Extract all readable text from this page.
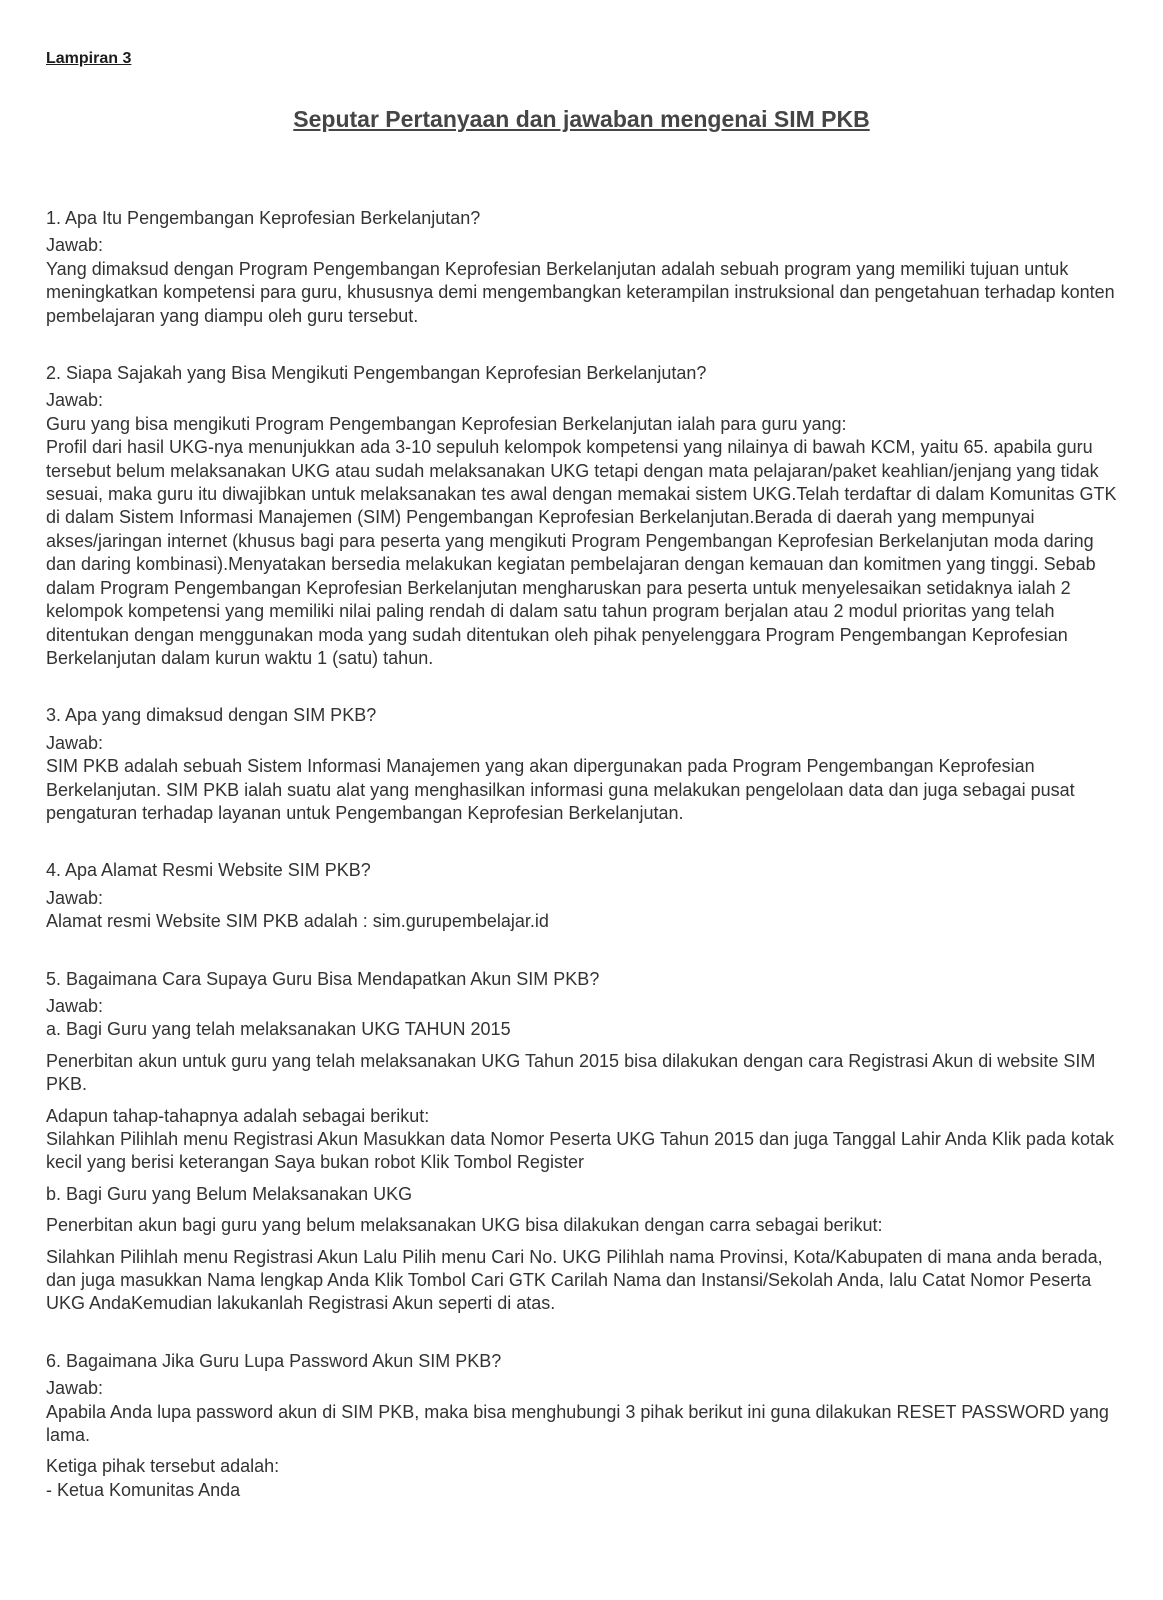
Lampiran 3
Seputar Pertanyaan dan jawaban mengenai SIM PKB

1. Apa Itu Pengembangan Keprofesian Berkelanjutan?

Jawab:

Yang dimaksud dengan Program Pengembangan Keprofesian Berkelanjutan adalah sebuah program yang memiliki tujuan untuk meningkatkan kompetensi para guru, khususnya demi mengembangkan keterampilan instruksional dan pengetahuan terhadap konten pembelajaran yang diampu oleh guru tersebut.

2. Siapa Sajakah yang Bisa Mengikuti Pengembangan Keprofesian Berkelanjutan?

Jawab:

Guru yang bisa mengikuti Program Pengembangan Keprofesian Berkelanjutan ialah para guru yang:

Profil dari hasil UKG-nya menunjukkan ada 3-10 sepuluh kelompok kompetensi yang nilainya di bawah KCM, yaitu 65. apabila guru tersebut belum melaksanakan UKG atau sudah melaksanakan UKG tetapi dengan mata pelajaran/paket keahlian/jenjang yang tidak sesuai, maka guru itu diwajibkan untuk melaksanakan tes awal dengan memakai sistem UKG.Telah terdaftar di dalam Komunitas GTK di dalam Sistem Informasi Manajemen (SIM) Pengembangan Keprofesian Berkelanjutan.Berada di daerah yang mempunyai akses/jaringan internet (khusus bagi para peserta yang mengikuti Program Pengembangan Keprofesian Berkelanjutan moda daring dan daring kombinasi).Menyatakan bersedia melakukan kegiatan pembelajaran dengan kemauan dan komitmen yang tinggi. Sebab dalam Program Pengembangan Keprofesian Berkelanjutan mengharuskan para peserta untuk menyelesaikan setidaknya ialah 2 kelompok kompetensi yang memiliki nilai paling rendah di dalam satu tahun program berjalan atau 2 modul prioritas yang telah ditentukan dengan menggunakan moda yang sudah ditentukan oleh pihak penyelenggara Program Pengembangan Keprofesian Berkelanjutan dalam kurun waktu 1 (satu) tahun.

3. Apa yang dimaksud dengan SIM PKB?

Jawab:

SIM PKB adalah sebuah Sistem Informasi Manajemen yang akan dipergunakan pada Program Pengembangan Keprofesian Berkelanjutan. SIM PKB ialah suatu alat yang menghasilkan informasi guna melakukan pengelolaan data dan juga sebagai pusat pengaturan terhadap layanan untuk Pengembangan Keprofesian Berkelanjutan.

4. Apa Alamat Resmi Website SIM PKB?

Jawab:

Alamat resmi Website SIM PKB adalah : sim.gurupembelajar.id

5. Bagaimana Cara Supaya Guru Bisa Mendapatkan Akun SIM PKB?

Jawab:

a. Bagi Guru yang telah melaksanakan UKG TAHUN 2015

Penerbitan akun untuk guru yang telah melaksanakan UKG Tahun 2015 bisa dilakukan dengan cara Registrasi Akun di website SIM PKB.

Adapun tahap-tahapnya adalah sebagai berikut:

Silahkan Pilihlah menu Registrasi Akun Masukkan data Nomor Peserta UKG Tahun 2015 dan juga Tanggal Lahir Anda Klik pada kotak kecil yang berisi keterangan Saya bukan robot Klik Tombol Register

b. Bagi Guru yang Belum Melaksanakan UKG

Penerbitan akun bagi guru yang belum melaksanakan UKG bisa dilakukan dengan carra sebagai berikut:

Silahkan Pilihlah menu Registrasi Akun Lalu Pilih menu Cari No. UKG Pilihlah nama Provinsi, Kota/Kabupaten di mana anda berada, dan juga masukkan Nama lengkap Anda Klik Tombol Cari GTK Carilah Nama dan Instansi/Sekolah Anda, lalu Catat Nomor Peserta UKG AndaKemudian lakukanlah Registrasi Akun seperti di atas.

6. Bagaimana Jika Guru Lupa Password Akun SIM PKB?

Jawab:

Apabila Anda lupa password akun di SIM PKB, maka bisa menghubungi 3 pihak berikut ini guna dilakukan RESET PASSWORD yang lama.

Ketiga pihak tersebut adalah:

- Ketua Komunitas Anda
